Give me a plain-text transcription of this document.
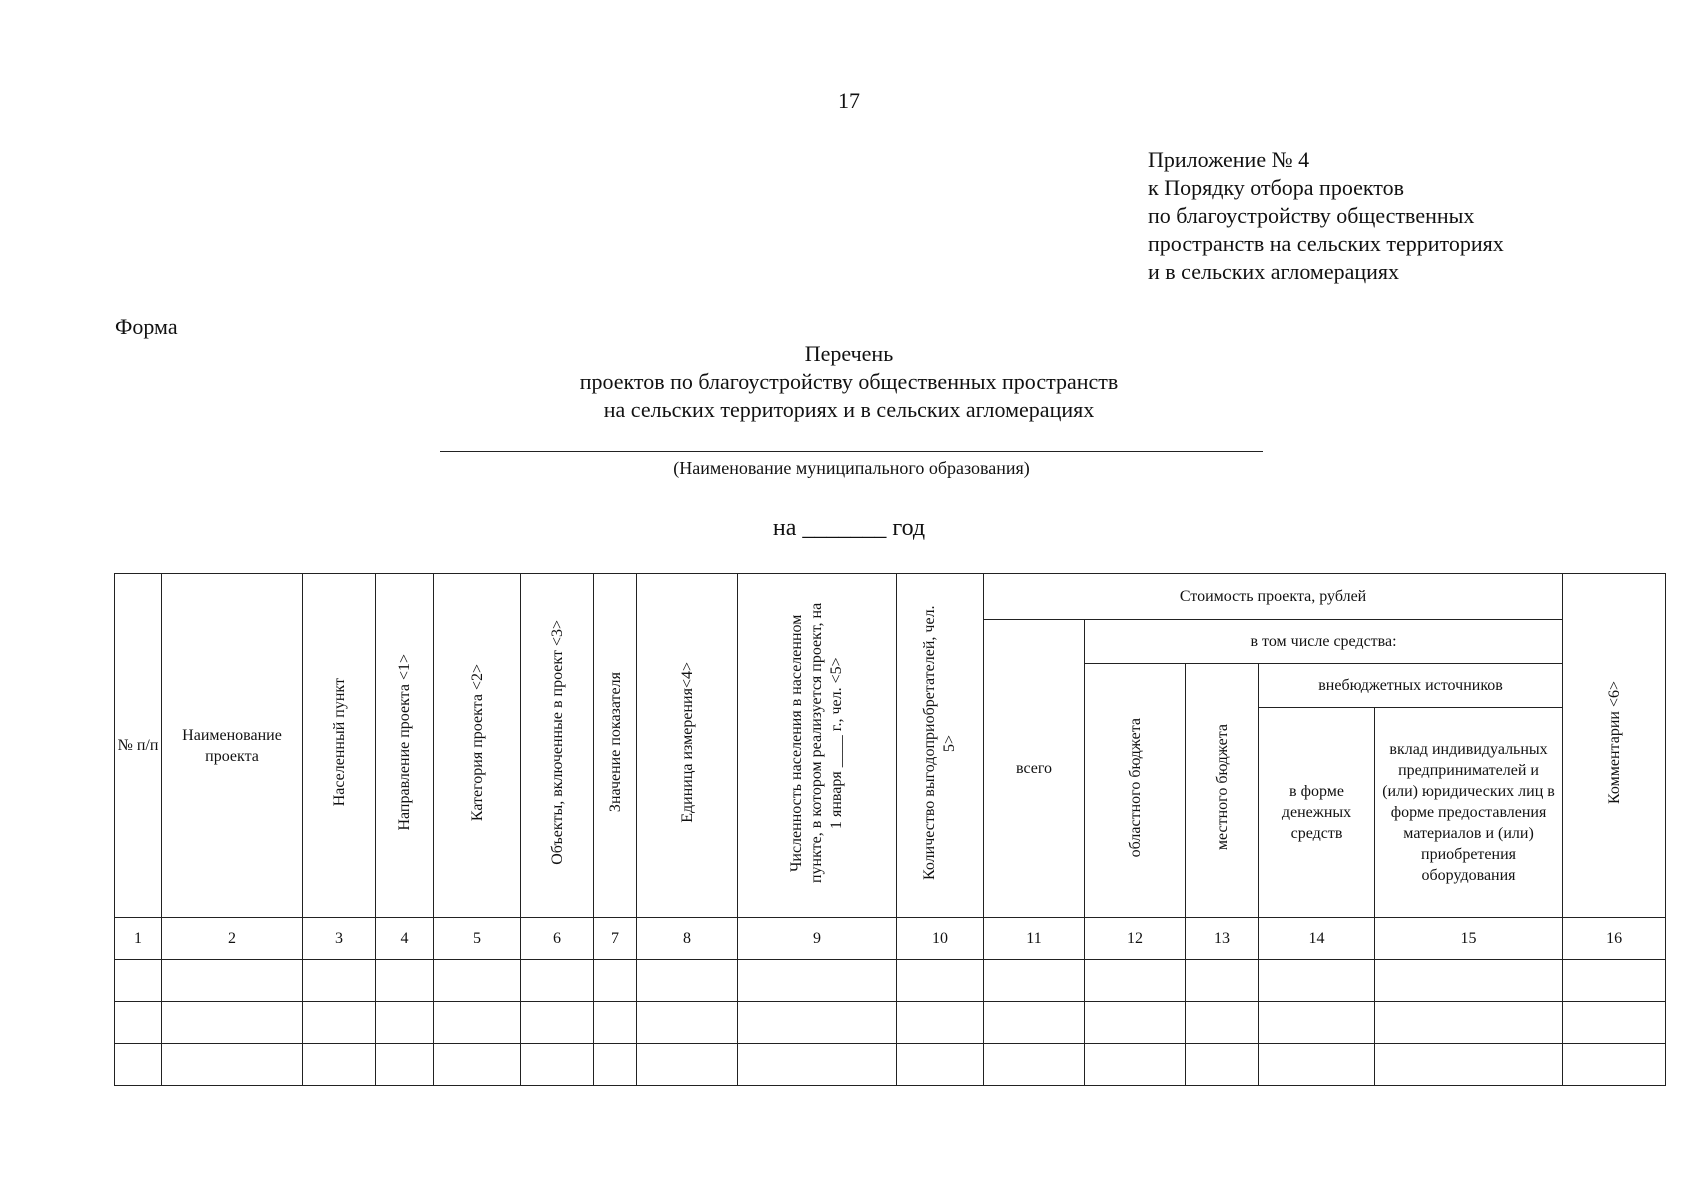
17
Приложение № 4
к Порядку отбора проектов
по благоустройству общественных
пространств на сельских территориях
и в сельских агломерациях
Форма
Перечень
проектов по благоустройству общественных пространств
на сельских территориях и в сельских агломерациях
(Наименование муниципального образования)
на _______ год
№ п/п	Наименование проекта	Населенный пункт	Направление проекта <1>	Категория проекта <2>	Объекты, включенные в проект <3>	Значение показателя	Единица измерения<4>	Численность населения в населенном пункте, в котором реализуется проект, на 1 января ____ г., чел. <5>	Количество выгодоприобретателей, чел. 5>	Стоимость проекта, рублей					Комментарии <6>
										всего	в том числе средства:				
											областного бюджета	местного бюджета	внебюджетных источников		
													в форме денежных средств	вклад индивидуальных предпринимателей и (или) юридических лиц в форме предоставления материалов и (или) приобретения оборудования	
1	2	3	4	5	6	7	8	9	10	11	12	13	14	15	16
